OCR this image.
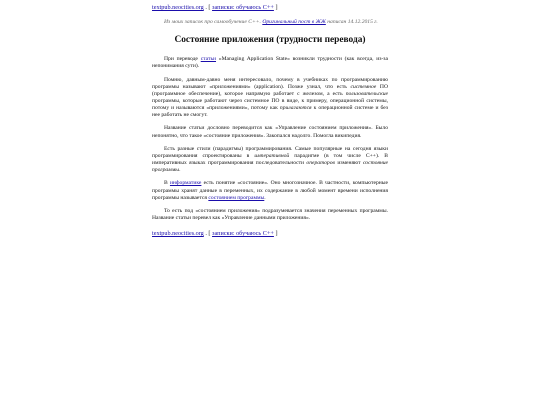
textpub.neocities.org . [ записки: обучаюсь C++ ]
Из моих записок про самообучение C++. Оригинальный пост в ЖЖ написан 14.12.2015 г.
Состояние приложения (трудности перевода)

При переводе статьи «Managing Application State» возникли трудности (как всегда, из-за непонимания сути).

Помню, давным-давно меня интересовало, почему в учебниках по программированию программы называют «приложениями» (application). Позже узнал, что есть системное ПО (программное обеспечение), которое напрямую работает с железом, а есть пользовательские программы, которые работают через системное ПО в виде, к примеру, операционной системы, потому и называются «приложениями», потому как прилагаются к операционной системе и без нее работать не смогут.

Название статьи дословно переводится как «Управление состоянием приложения». Было непонятно, что такое «состояние приложения». Закопался надолго. Помогла википедия.

Есть разные стили (парадигмы) программирования. Самые популярные на сегодня языки программирования спроектированы в императивной парадигме (в том числе C++). В императивных языках программирования последовательности операторов изменяют состояние программы.

В информатике есть понятие «состояние». Оно многозначное. В частности, компьютерные программы хранят данные в переменных, их содержание в любой момент времени исполнения программы называется состоянием программы.

То есть под «состоянием приложения» подразумевается значения переменных программы. Название статьи перевел как «Управление данными приложения».

textpub.neocities.org . [ записки: обучаюсь C++ ]
